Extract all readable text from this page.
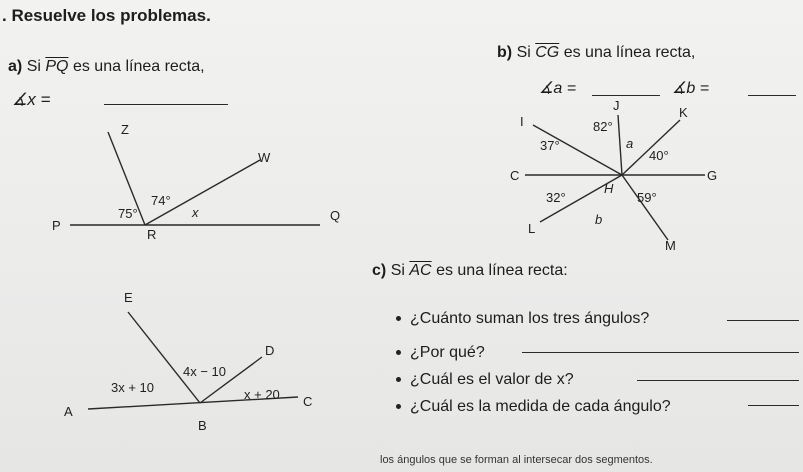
. Resuelve los problemas.
a) Si $\overline{PQ}$ es una línea recta,
∡x =
b) Si $\overline{CG}$ es una línea recta,
∡a =	∡b =
c) Si $\overline{AC}$ es una línea recta:
¿Cuánto suman los tres ángulos?
¿Por qué?
¿Cuál es el valor de x?
¿Cuál es la medida de cada ángulo?
los ángulos que se forman al intersecar dos segmentos.
P
Z
W
R
Q
74°
75°	x
J	K
I
C	G
H
L
M
82°
37°	a
40°
32°	59°
b
E
D
A
B
C
4x − 10
3x + 10	x + 20
